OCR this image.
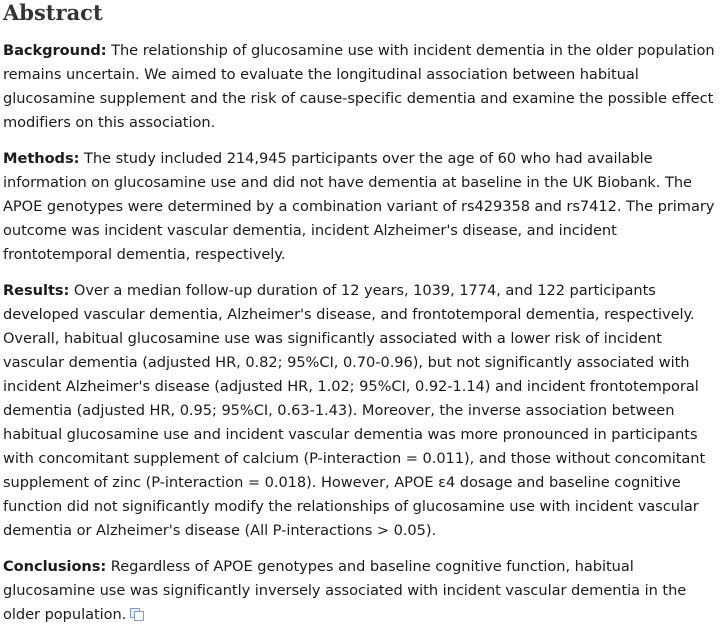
Abstract

Background: The relationship of glucosamine use with incident dementia in the older population remains uncertain. We aimed to evaluate the longitudinal association between habitual glucosamine supplement and the risk of cause-specific dementia and examine the possible effect modifiers on this association.

Methods: The study included 214,945 participants over the age of 60 who had available information on glucosamine use and did not have dementia at baseline in the UK Biobank. The APOE genotypes were determined by a combination variant of rs429358 and rs7412. The primary outcome was incident vascular dementia, incident Alzheimer's disease, and incident frontotemporal dementia, respectively.

Results: Over a median follow-up duration of 12 years, 1039, 1774, and 122 participants developed vascular dementia, Alzheimer's disease, and frontotemporal dementia, respectively. Overall, habitual glucosamine use was significantly associated with a lower risk of incident vascular dementia (adjusted HR, 0.82; 95%CI, 0.70-0.96), but not significantly associated with incident Alzheimer's disease (adjusted HR, 1.02; 95%CI, 0.92-1.14) and incident frontotemporal dementia (adjusted HR, 0.95; 95%CI, 0.63-1.43). Moreover, the inverse association between habitual glucosamine use and incident vascular dementia was more pronounced in participants with concomitant supplement of calcium (P-interaction = 0.011), and those without concomitant supplement of zinc (P-interaction = 0.018). However, APOE ε4 dosage and baseline cognitive function did not significantly modify the relationships of glucosamine use with incident vascular dementia or Alzheimer's disease (All P-interactions > 0.05).

Conclusions: Regardless of APOE genotypes and baseline cognitive function, habitual glucosamine use was significantly inversely associated with incident vascular dementia in the older population.
